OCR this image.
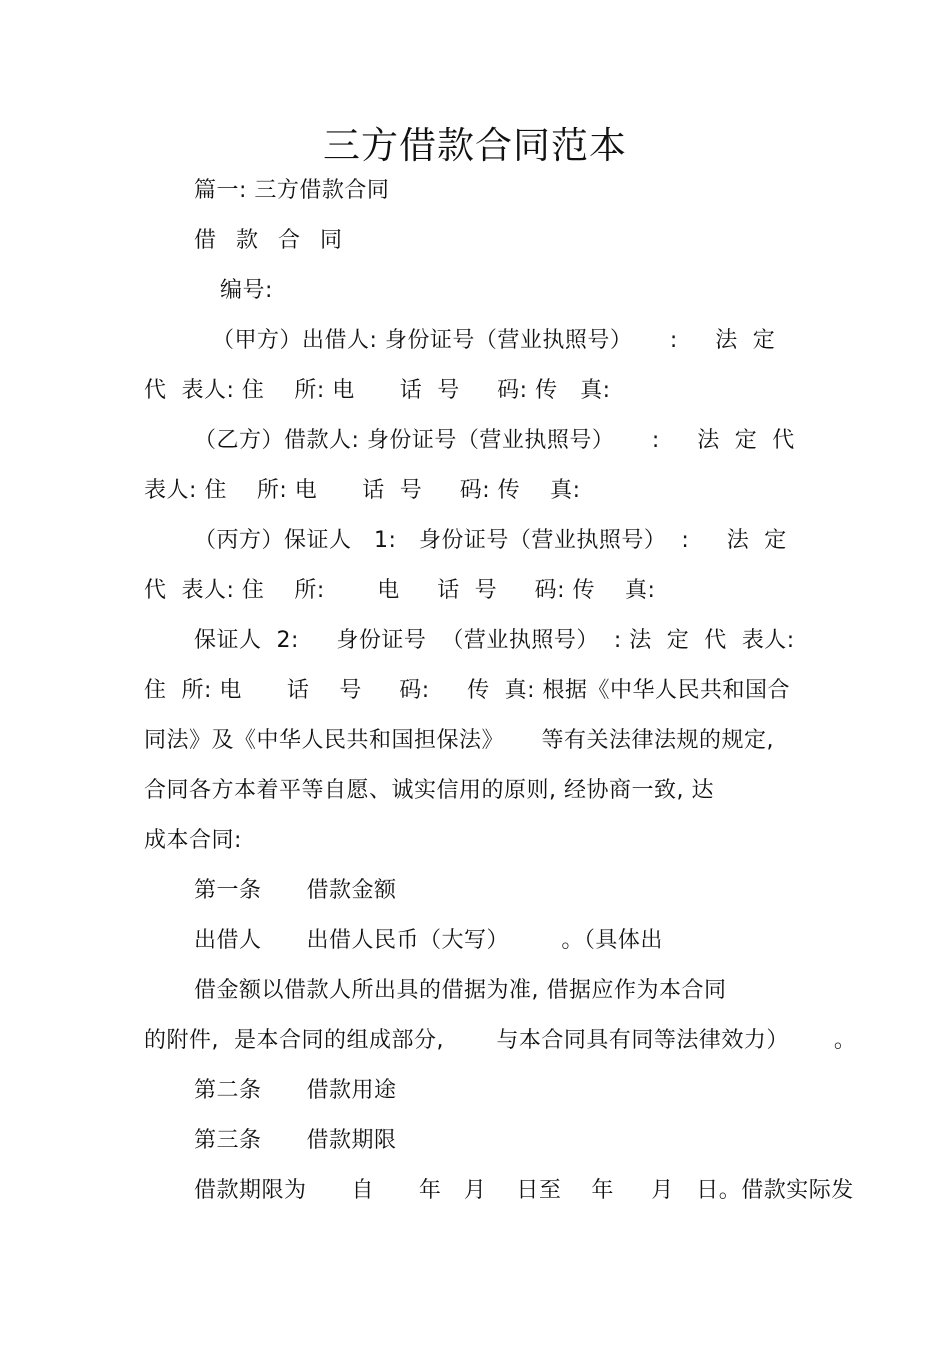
三方借款合同范本
篇一: 三方借款合同
借  款  合  同
编号:
（甲方）出借人: 身份证号（营业执照号）     :     法  定
代  表人: 住    所: 电      话  号     码: 传   真:
（乙方）借款人: 身份证号（营业执照号）     :     法  定  代
表人: 住    所: 电      话  号     码: 传    真:
（丙方）保证人   1:   身份证号（营业执照号）  :     法  定
代  表人: 住    所:       电     话  号     码: 传    真:
保证人  2:     身份证号  （营业执照号）  : 法  定  代  表人:
住  所: 电      话    号     码:     传  真: 根据《中华人民共和国合
同法》及《中华人民共和国担保法》     等有关法律法规的规定,
合同各方本着平等自愿、诚实信用的原则, 经协商一致, 达
成本合同:
第一条      借款金额
出借人      出借人民币（大写）       。（具体出
借金额以借款人所出具的借据为准, 借据应作为本合同
的附件,  是本合同的组成部分,       与本合同具有同等法律效力）      。
第二条      借款用途
第三条      借款期限
借款期限为      自      年   月    日至    年     月   日。借款实际发
